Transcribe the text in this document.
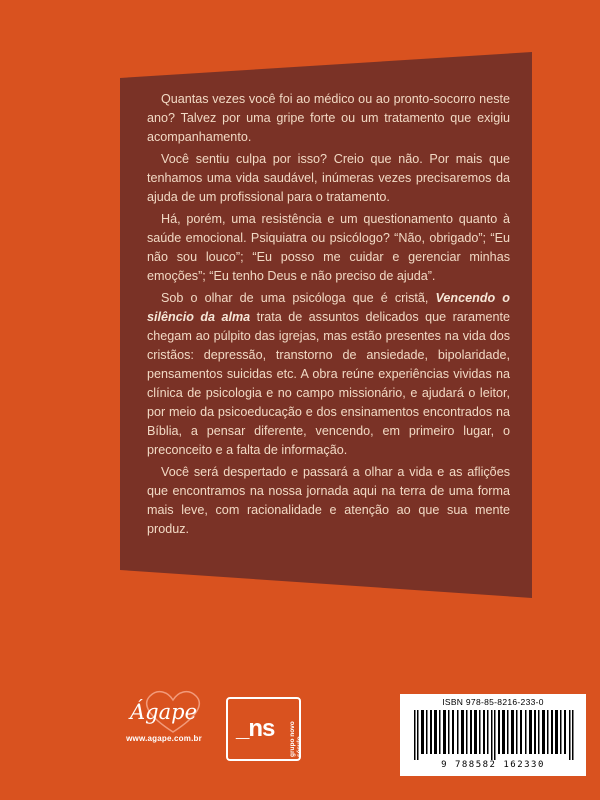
Quantas vezes você foi ao médico ou ao pronto-socorro neste ano? Talvez por uma gripe forte ou um tratamento que exigiu acompanhamento.

Você sentiu culpa por isso? Creio que não. Por mais que tenhamos uma vida saudável, inúmeras vezes precisaremos da ajuda de um profissional para o tratamento.

Há, porém, uma resistência e um questionamento quanto à saúde emocional. Psiquiatra ou psicólogo? “Não, obrigado”; “Eu não sou louco”; “Eu posso me cuidar e gerenciar minhas emoções”; “Eu tenho Deus e não preciso de ajuda”.

Sob o olhar de uma psicóloga que é cristã, Vencendo o silêncio da alma trata de assuntos delicados que raramente chegam ao púlpito das igrejas, mas estão presentes na vida dos cristãos: depressão, transtorno de ansiedade, bipolaridade, pensamentos suicidas etc. A obra reúne experiências vividas na clínica de psicologia e no campo missionário, e ajudará o leitor, por meio da psicoeducação e dos ensinamentos encontrados na Bíblia, a pensar diferente, vencendo, em primeiro lugar, o preconceito e a falta de informação.

Você será despertado e passará a olhar a vida e as aflições que encontramos na nossa jornada aqui na terra de uma forma mais leve, com racionalidade e atenção ao que sua mente produz.

Ágape
www.agape.com.br	_ns grupo novo século
ISBN 978-85-8216-233-0
9 788582 162330
